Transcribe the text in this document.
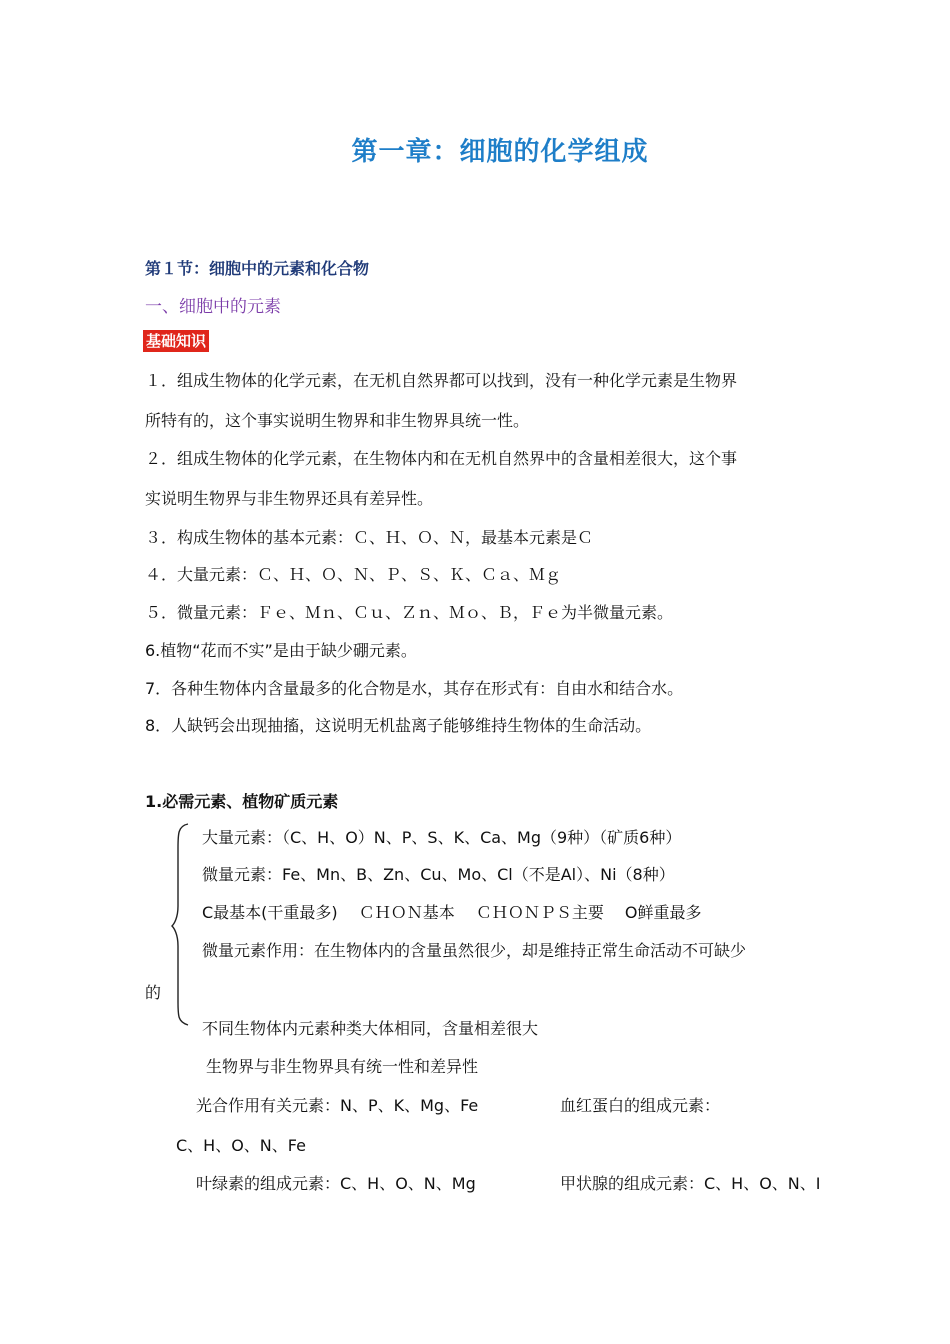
第一章：细胞的化学组成
第１节：细胞中的元素和化合物
一、细胞中的元素
基础知识
１．组成生物体的化学元素，在无机自然界都可以找到，没有一种化学元素是生物界
所特有的，这个事实说明生物界和非生物界具统一性。
２．组成生物体的化学元素，在生物体内和在无机自然界中的含量相差很大，这个事
实说明生物界与非生物界还具有差异性。
３．构成生物体的基本元素：Ｃ、Ｈ、Ｏ、Ｎ，最基本元素是Ｃ
４．大量元素：Ｃ、Ｈ、Ｏ、Ｎ、Ｐ、Ｓ、Ｋ、Ｃａ、Ｍｇ
５．微量元素：Ｆｅ、Ｍｎ、Ｃｕ、Ｚｎ、Ｍｏ、Ｂ，Ｆｅ为半微量元素。
6.植物“花而不实”是由于缺少硼元素。
7．各种生物体内含量最多的化合物是水，其存在形式有：自由水和结合水。
8．人缺钙会出现抽搐，这说明无机盐离子能够维持生物体的生命活动。
1.必需元素、植物矿质元素
大量元素：（C、H、O）N、P、S、K、Ca、Mg（9种）（矿质6种）
微量元素：Fe、Mn、B、Zn、Cu、Mo、Cl（不是Al）、Ni（8种）
C最基本(干重最多)　 ＣＨＯＮ基本　 ＣＨＯＮＰＳ主要　 O鲜重最多
微量元素作用：在生物体内的含量虽然很少，却是维持正常生命活动不可缺少
的
不同生物体内元素种类大体相同，含量相差很大
生物界与非生物界具有统一性和差异性
光合作用有关元素：N、P、K、Mg、Fe	血红蛋白的组成元素：
C、H、O、N、Fe
叶绿素的组成元素：C、H、O、N、Mg	甲状腺的组成元素：C、H、O、N、I
